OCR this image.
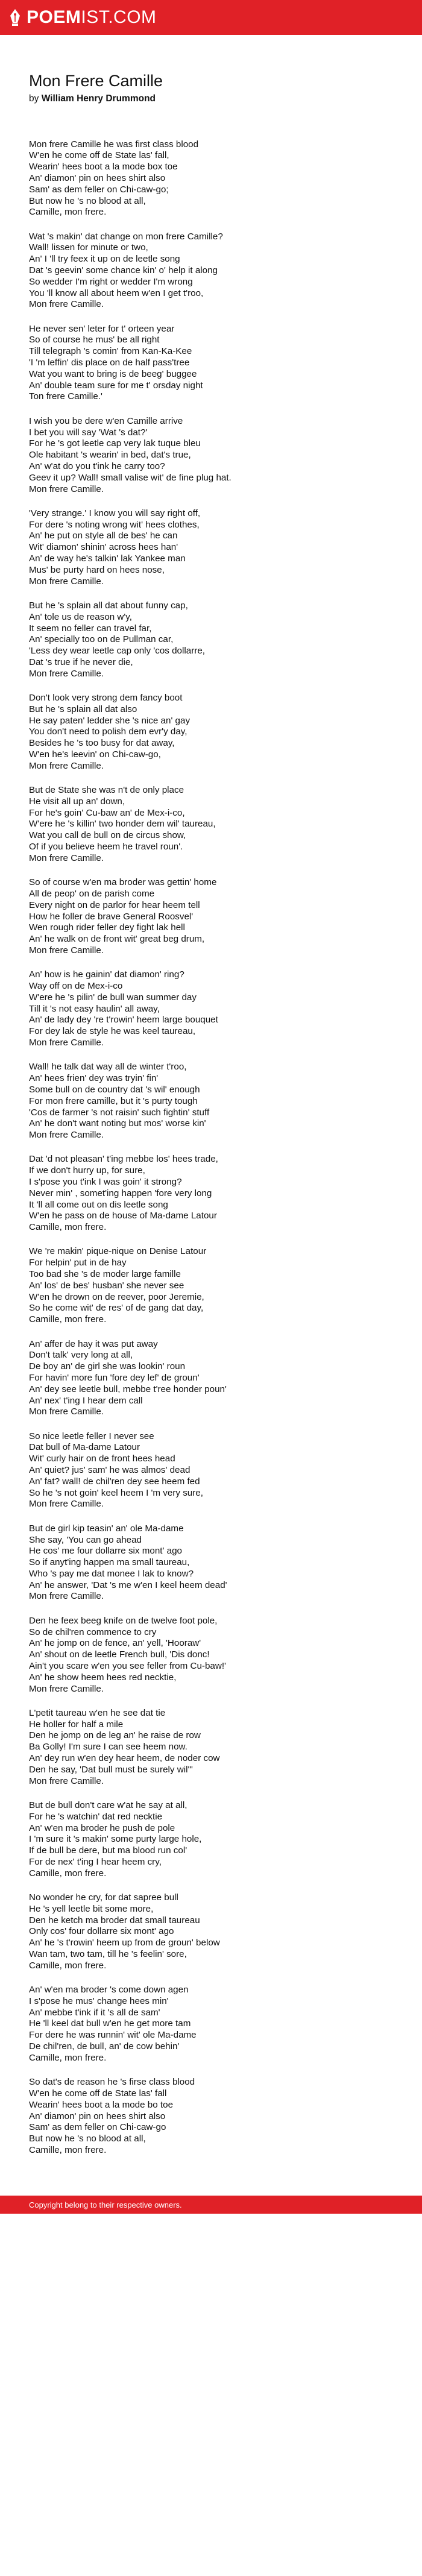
POEMIST.COM
Mon Frere Camille
by William Henry Drummond
Mon frere Camille he was first class blood
W'en he come off de State las' fall,
Wearin' hees boot a la mode box toe
An' diamon' pin on hees shirt also
Sam' as dem feller on Chi-caw-go;
But now he 's no blood at all,
Camille, mon frere.
Wat 's makin' dat change on mon frere Camille?
Wall! lissen for minute or two,
An' I 'll try feex it up on de leetle song
Dat 's geevin' some chance kin' o' help it along
So wedder I'm right or wedder I'm wrong
You 'll know all about heem w'en I get t'roo,
Mon frere Camille.
He never sen' leter for t' orteen year
So of course he mus' be all right
Till telegraph 's comin' from Kan-Ka-Kee
'I 'm leffin' dis place on de half pass'tree
Wat you want to bring is de beeg' buggee
An' double team sure for me t' orsday night
Ton frere Camille.'
I wish you be dere w'en Camille arrive
I bet you will say 'Wat 's dat?'
For he 's got leetle cap very lak tuque bleu
Ole habitant 's wearin' in bed, dat's true,
An' w'at do you t'ink he carry too?
Geev it up? Wall! small valise wit' de fine plug hat.
Mon frere Camille.
'Very strange.' I know you will say right off,
For dere 's noting wrong wit' hees clothes,
An' he put on style all de bes' he can
Wit' diamon' shinin' across hees han'
An' de way he's talkin' lak Yankee man
Mus' be purty hard on hees nose,
Mon frere Camille.
But he 's splain all dat about funny cap,
An' tole us de reason w'y,
It seem no feller can travel far,
An' specially too on de Pullman car,
'Less dey wear leetle cap only 'cos dollarre,
Dat 's true if he never die,
Mon frere Camille.
Don't look very strong dem fancy boot
But he 's splain all dat also
He say paten' ledder she 's nice an' gay
You don't need to polish dem evr'y day,
Besides he 's too busy for dat away,
W'en he's leevin' on Chi-caw-go,
Mon frere Camille.
But de State she was n't de only place
He visit all up an' down,
For he's goin' Cu-baw an' de Mex-i-co,
W'ere he 's killin' two honder dem wil' taureau,
Wat you call de bull on de circus show,
Of if you believe heem he travel roun'.
Mon frere Camille.
So of course w'en ma broder was gettin' home
All de peop' on de parish come
Every night on de parlor for hear heem tell
How he foller de brave General Roosvel'
Wen rough rider feller dey fight lak hell
An' he walk on de front wit' great beg drum,
Mon frere Camille.
An' how is he gainin' dat diamon' ring?
Way off on de Mex-i-co
W'ere he 's pilin' de bull wan summer day
Till it 's not easy haulin' all away,
An' de lady dey 're t'rowin' heem large bouquet
For dey lak de style he was keel taureau,
Mon frere Camille.
Wall! he talk dat way all de winter t'roo,
An' hees frien' dey was tryin' fin'
Some bull on de country dat 's wil' enough
For mon frere camille, but it 's purty tough
'Cos de farmer 's not raisin' such fightin' stuff
An' he don't want noting but mos' worse kin'
Mon frere Camille.
Dat 'd not pleasan' t'ing mebbe los' hees trade,
If we don't hurry up, for sure,
I s'pose you t'ink I was goin' it strong?
Never min' , somet'ing happen 'fore very long
It 'll all come out on dis leetle song
W'en he pass on de house of Ma-dame Latour
Camille, mon frere.
We 're makin' pique-nique on Denise Latour
For helpin' put in de hay
Too bad she 's de moder large famille
An' los' de bes' husban' she never see
W'en he drown on de reever, poor Jeremie,
So he come wit' de res' of de gang dat day,
Camille, mon frere.
An' affer de hay it was put away
Don't talk' very long at all,
De boy an' de girl she was lookin' roun
For havin' more fun 'fore dey lef' de groun'
An' dey see leetle bull, mebbe t'ree honder poun'
An' nex' t'ing I hear dem call
Mon frere Camille.
So nice leetle feller I never see
Dat bull of Ma-dame Latour
Wit' curly hair on de front hees head
An' quiet? jus' sam' he was almos' dead
An' fat? wall! de chil'ren dey see heem fed
So he 's not goin' keel heem I 'm very sure,
Mon frere Camille.
But de girl kip teasin' an' ole Ma-dame
She say, 'You can go ahead
He cos' me four dollarre six mont' ago
So if anyt'ing happen ma small taureau,
Who 's pay me dat monee I lak to know?
An' he answer, 'Dat 's me w'en I keel heem dead'
Mon frere Camille.
Den he feex beeg knife on de twelve foot pole,
So de chil'ren commence to cry
An' he jomp on de fence, an' yell, 'Hooraw'
An' shout on de leetle French bull, 'Dis donc!
Ain't you scare w'en you see feller from Cu-baw!'
An' he show heem hees red necktie,
Mon frere Camille.
L'petit taureau w'en he see dat tie
He holler for half a mile
Den he jomp on de leg an' he raise de row
Ba Golly! I'm sure I can see heem now.
An' dey run w'en dey hear heem, de noder cow
Den he say, 'Dat bull must be surely wil'"
Mon frere Camille.
But de bull don't care w'at he say at all,
For he 's watchin' dat red necktie
An' w'en ma broder he push de pole
I 'm sure it 's makin' some purty large hole,
If de bull be dere, but ma blood run col'
For de nex' t'ing I hear heem cry,
Camille, mon frere.
No wonder he cry, for dat sapree bull
He 's yell leetle bit some more,
Den he ketch ma broder dat small taureau
Only cos' four dollarre six mont' ago
An' he 's t'rowin' heem up from de groun' below
Wan tam, two tam, till he 's feelin' sore,
Camille, mon frere.
An' w'en ma broder 's come down agen
I s'pose he mus' change hees min'
An' mebbe t'ink if it 's all de sam'
He 'll keel dat bull w'en he get more tam
For dere he was runnin' wit' ole Ma-dame
De chil'ren, de bull, an' de cow behin'
Camille, mon frere.
So dat's de reason he 's firse class blood
W'en he come off de State las' fall
Wearin' hees boot a la mode bo toe
An' diamon' pin on hees shirt also
Sam' as dem feller on Chi-caw-go
But now he 's no blood at all,
Camille, mon frere.
Copyright belong to their respective owners.
